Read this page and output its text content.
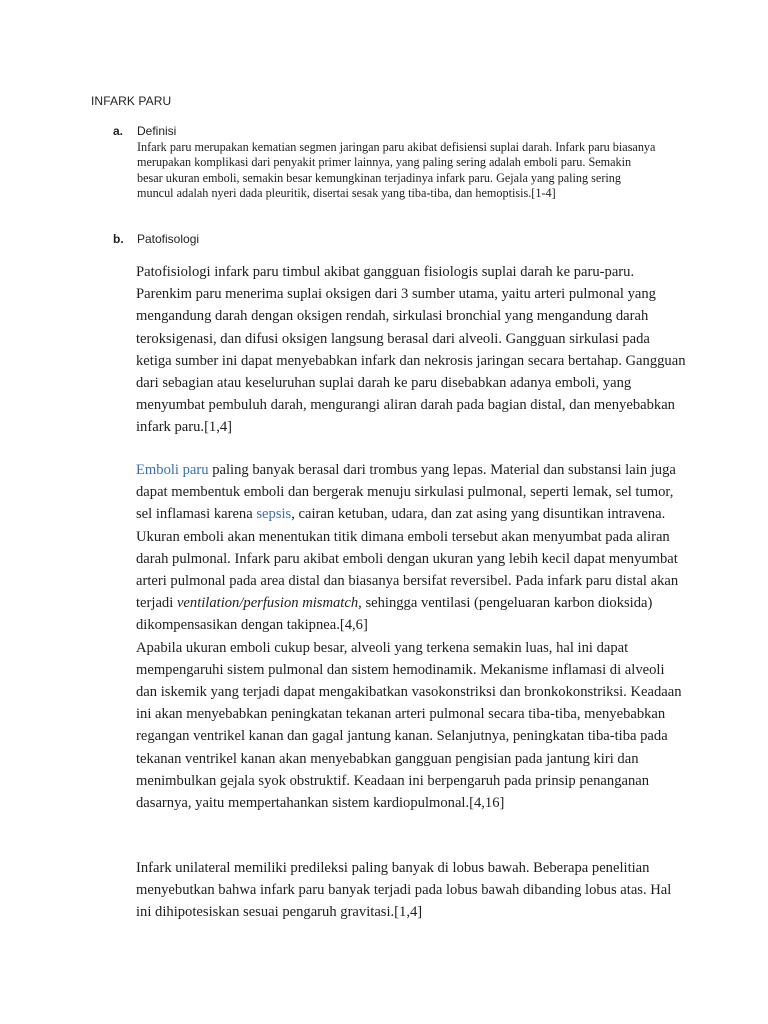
INFARK PARU
a. Definisi
Infark paru merupakan kematian segmen jaringan paru akibat defisiensi suplai darah. Infark paru biasanya merupakan komplikasi dari penyakit primer lainnya, yang paling sering adalah emboli paru. Semakin besar ukuran emboli, semakin besar kemungkinan terjadinya infark paru. Gejala yang paling sering muncul adalah nyeri dada pleuritik, disertai sesak yang tiba-tiba, dan hemoptisis.[1-4]
b. Patofisologi
Patofisiologi infark paru timbul akibat gangguan fisiologis suplai darah ke paru-paru. Parenkim paru menerima suplai oksigen dari 3 sumber utama, yaitu arteri pulmonal yang mengandung darah dengan oksigen rendah, sirkulasi bronchial yang mengandung darah teroksigenasi, dan difusi oksigen langsung berasal dari alveoli. Gangguan sirkulasi pada ketiga sumber ini dapat menyebabkan infark dan nekrosis jaringan secara bertahap. Gangguan dari sebagian atau keseluruhan suplai darah ke paru disebabkan adanya emboli, yang menyumbat pembuluh darah, mengurangi aliran darah pada bagian distal, dan menyebabkan infark paru.[1,4]
Emboli paru paling banyak berasal dari trombus yang lepas. Material dan substansi lain juga dapat membentuk emboli dan bergerak menuju sirkulasi pulmonal, seperti lemak, sel tumor, sel inflamasi karena sepsis, cairan ketuban, udara, dan zat asing yang disuntikan intravena. Ukuran emboli akan menentukan titik dimana emboli tersebut akan menyumbat pada aliran darah pulmonal. Infark paru akibat emboli dengan ukuran yang lebih kecil dapat menyumbat arteri pulmonal pada area distal dan biasanya bersifat reversibel. Pada infark paru distal akan terjadi ventilation/perfusion mismatch, sehingga ventilasi (pengeluaran karbon dioksida) dikompensasikan dengan takipnea.[4,6]
Apabila ukuran emboli cukup besar, alveoli yang terkena semakin luas, hal ini dapat mempengaruhi sistem pulmonal dan sistem hemodinamik. Mekanisme inflamasi di alveoli dan iskemik yang terjadi dapat mengakibatkan vasokonstriksi dan bronkokonstriksi. Keadaan ini akan menyebabkan peningkatan tekanan arteri pulmonal secara tiba-tiba, menyebabkan regangan ventrikel kanan dan gagal jantung kanan. Selanjutnya, peningkatan tiba-tiba pada tekanan ventrikel kanan akan menyebabkan gangguan pengisian pada jantung kiri dan menimbulkan gejala syok obstruktif. Keadaan ini berpengaruh pada prinsip penanganan dasarnya, yaitu mempertahankan sistem kardiopulmonal.[4,16]
Infark unilateral memiliki predileksi paling banyak di lobus bawah. Beberapa penelitian menyebutkan bahwa infark paru banyak terjadi pada lobus bawah dibanding lobus atas. Hal ini dihipotesiskan sesuai pengaruh gravitasi.[1,4]
